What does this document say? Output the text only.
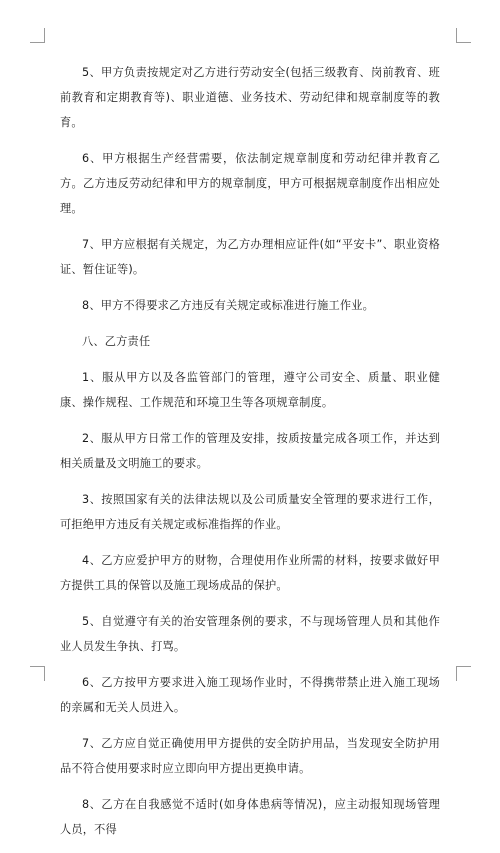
5、甲方负责按规定对乙方进行劳动安全(包括三级教育、岗前教育、班前教育和定期教育等)、职业道德、业务技术、劳动纪律和规章制度等的教育。

6、甲方根据生产经营需要，依法制定规章制度和劳动纪律并教育乙方。乙方违反劳动纪律和甲方的规章制度，甲方可根据规章制度作出相应处理。

7、甲方应根据有关规定，为乙方办理相应证件(如“平安卡”、职业资格证、暂住证等)。

8、甲方不得要求乙方违反有关规定或标准进行施工作业。

八、乙方责任

1、服从甲方以及各监管部门的管理，遵守公司安全、质量、职业健康、操作规程、工作规范和环境卫生等各项规章制度。

2、服从甲方日常工作的管理及安排，按质按量完成各项工作，并达到相关质量及文明施工的要求。

3、按照国家有关的法律法规以及公司质量安全管理的要求进行工作，可拒绝甲方违反有关规定或标准指挥的作业。

4、乙方应爱护甲方的财物，合理使用作业所需的材料，按要求做好甲方提供工具的保管以及施工现场成品的保护。

5、自觉遵守有关的治安管理条例的要求，不与现场管理人员和其他作业人员发生争执、打骂。

6、乙方按甲方要求进入施工现场作业时，不得携带禁止进入施工现场的亲属和无关人员进入。

7、乙方应自觉正确使用甲方提供的安全防护用品，当发现安全防护用品不符合使用要求时应立即向甲方提出更换申请。

8、乙方在自我感觉不适时(如身体患病等情况)，应主动报知现场管理人员，不得
